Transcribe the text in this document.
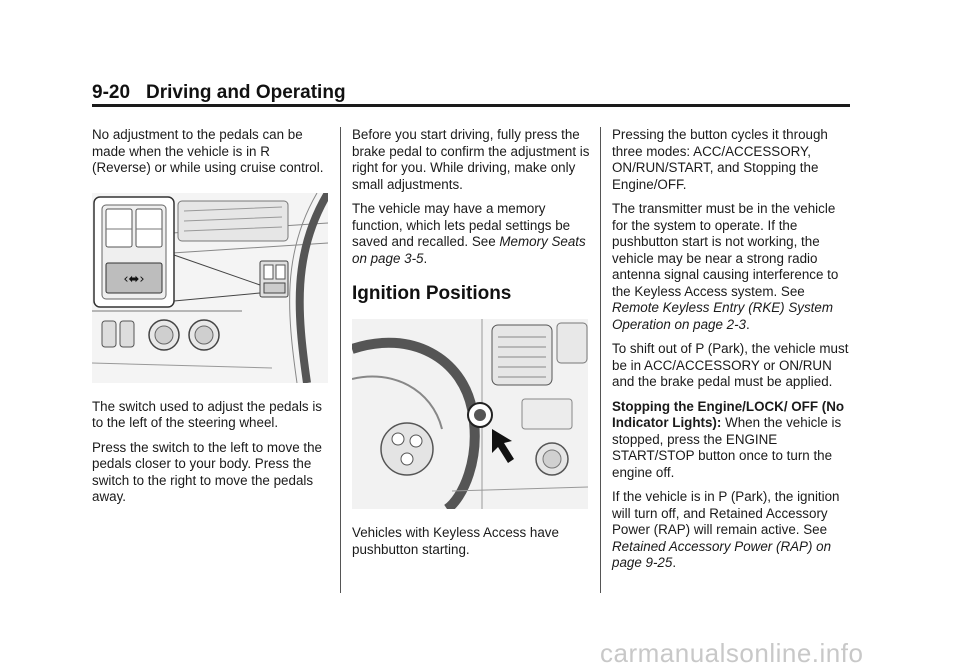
9-20 Driving and Operating

No adjustment to the pedals can be made when the vehicle is in R (Reverse) or while using cruise control.

‹⬌›

The switch used to adjust the pedals is to the left of the steering wheel.

Press the switch to the left to move the pedals closer to your body. Press the switch to the right to move the pedals away.

Before you start driving, fully press the brake pedal to confirm the adjustment is right for you. While driving, make only small adjustments.

The vehicle may have a memory function, which lets pedal settings be saved and recalled. See Memory Seats on page 3-5.

Ignition Positions

Vehicles with Keyless Access have pushbutton starting.

Pressing the button cycles it through three modes: ACC/ACCESSORY, ON/RUN/START, and Stopping the Engine/OFF.

The transmitter must be in the vehicle for the system to operate. If the pushbutton start is not working, the vehicle may be near a strong radio antenna signal causing interference to the Keyless Access system. See Remote Keyless Entry (RKE) System Operation on page 2-3.

To shift out of P (Park), the vehicle must be in ACC/ACCESSORY or ON/RUN and the brake pedal must be applied.

Stopping the Engine/LOCK/ OFF (No Indicator Lights): When the vehicle is stopped, press the ENGINE START/STOP button once to turn the engine off.

If the vehicle is in P (Park), the ignition will turn off, and Retained Accessory Power (RAP) will remain active. See Retained Accessory Power (RAP) on page 9-25.

carmanualsonline.info
